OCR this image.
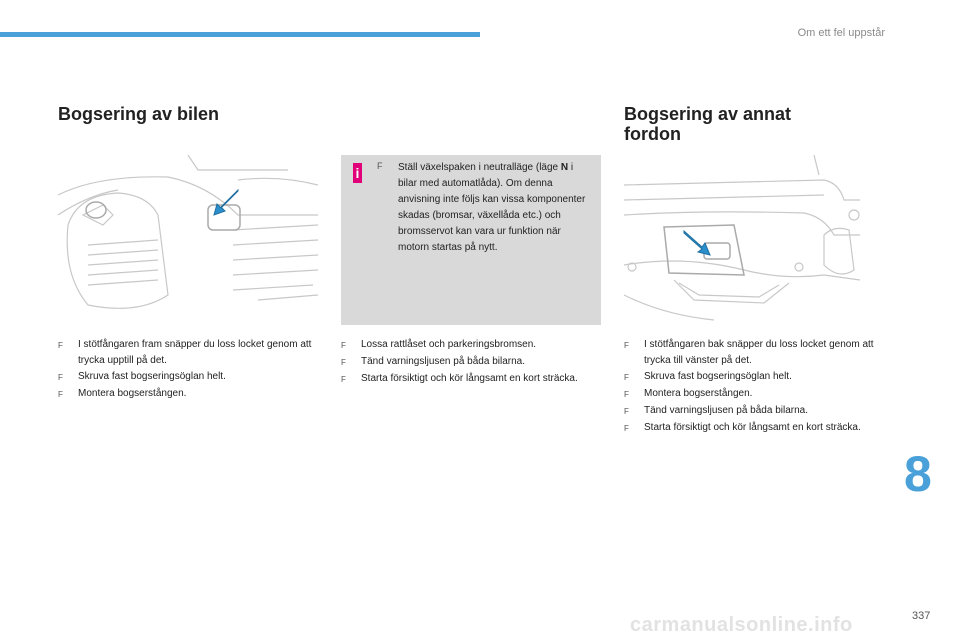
Om ett fel uppstår
Bogsering av bilen	Bogsering av annat fordon
i F Ställ växelspaken i neutralläge (läge N i bilar med automatlåda). Om denna anvisning inte följs kan vissa komponenter skadas (bromsar, växellåda etc.) och bromsservot kan vara ur funktion när motorn startas på nytt.
F	I stötfångaren fram snäpper du loss locket genom att trycka upptill på det.
F	Skruva fast bogseringsöglan helt.
F	Montera bogserstången.
F	Lossa rattlåset och parkeringsbromsen.
F	Tänd varningsljusen på båda bilarna.
F	Starta försiktigt och kör långsamt en kort sträcka.
F	I stötfångaren bak snäpper du loss locket genom att trycka till vänster på det.
F	Skruva fast bogseringsöglan helt.
F	Montera bogserstången.
F	Tänd varningsljusen på båda bilarna.
F	Starta försiktigt och kör långsamt en kort sträcka.
8
carmanualsonline.info	337
